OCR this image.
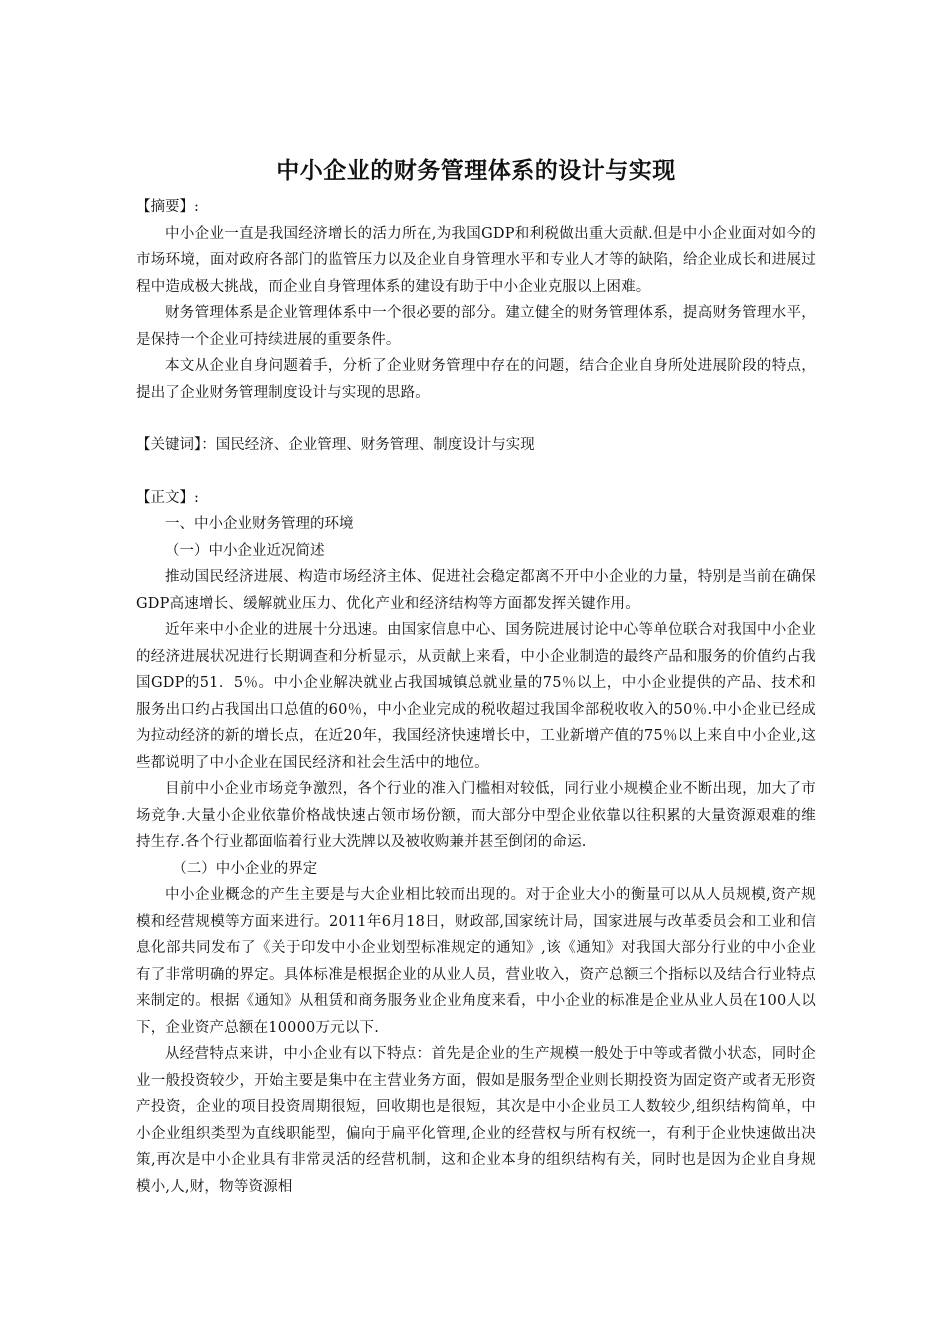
中小企业的财务管理体系的设计与实现

【摘要】:

中小企业一直是我国经济增长的活力所在,为我国GDP和利税做出重大贡献.但是中小企业面对如今的市场环境，面对政府各部门的监管压力以及企业自身管理水平和专业人才等的缺陷，给企业成长和进展过程中造成极大挑战，而企业自身管理体系的建设有助于中小企业克服以上困难。

财务管理体系是企业管理体系中一个很必要的部分。建立健全的财务管理体系，提高财务管理水平，是保持一个企业可持续进展的重要条件。

本文从企业自身问题着手，分析了企业财务管理中存在的问题，结合企业自身所处进展阶段的特点，提出了企业财务管理制度设计与实现的思路。

【关键词】：国民经济、企业管理、财务管理、制度设计与实现

【正文】:

一、中小企业财务管理的环境

（一）中小企业近况简述

推动国民经济进展、构造市场经济主体、促进社会稳定都离不开中小企业的力量，特别是当前在确保GDP高速增长、缓解就业压力、优化产业和经济结构等方面都发挥关键作用。

近年来中小企业的进展十分迅速。由国家信息中心、国务院进展讨论中心等单位联合对我国中小企业的经济进展状况进行长期调查和分析显示，从贡献上来看，中小企业制造的最终产品和服务的价值约占我国GDP的51．5％。中小企业解决就业占我国城镇总就业量的75％以上，中小企业提供的产品、技术和服务出口约占我国出口总值的60％，中小企业完成的税收超过我国伞部税收收入的50％.中小企业已经成为拉动经济的新的增长点，在近20年，我国经济快速增长中，工业新增产值的75％以上来自中小企业,这些都说明了中小企业在国民经济和社会生活中的地位。

目前中小企业市场竞争激烈，各个行业的准入门槛相对较低，同行业小规模企业不断出现，加大了市场竞争.大量小企业依靠价格战快速占领市场份额，而大部分中型企业依靠以往积累的大量资源艰难的维持生存.各个行业都面临着行业大洗牌以及被收购兼并甚至倒闭的命运.

（二）中小企业的界定

中小企业概念的产生主要是与大企业相比较而出现的。对于企业大小的衡量可以从人员规模,资产规模和经营规模等方面来进行。2011年6月18日，财政部,国家统计局，国家进展与改革委员会和工业和信息化部共同发布了《关于印发中小企业划型标准规定的通知》,该《通知》对我国大部分行业的中小企业有了非常明确的界定。具体标准是根据企业的从业人员，营业收入，资产总额三个指标以及结合行业特点来制定的。根据《通知》从租赁和商务服务业企业角度来看，中小企业的标准是企业从业人员在100人以下，企业资产总额在10000万元以下.

从经营特点来讲，中小企业有以下特点：首先是企业的生产规模一般处于中等或者微小状态，同时企业一般投资较少，开始主要是集中在主营业务方面，假如是服务型企业则长期投资为固定资产或者无形资产投资，企业的项目投资周期很短，回收期也是很短，其次是中小企业员工人数较少,组织结构简单，中小企业组织类型为直线职能型，偏向于扁平化管理,企业的经营权与所有权统一，有利于企业快速做出决策,再次是中小企业具有非常灵活的经营机制，这和企业本身的组织结构有关，同时也是因为企业自身规模小,人,财，物等资源相
